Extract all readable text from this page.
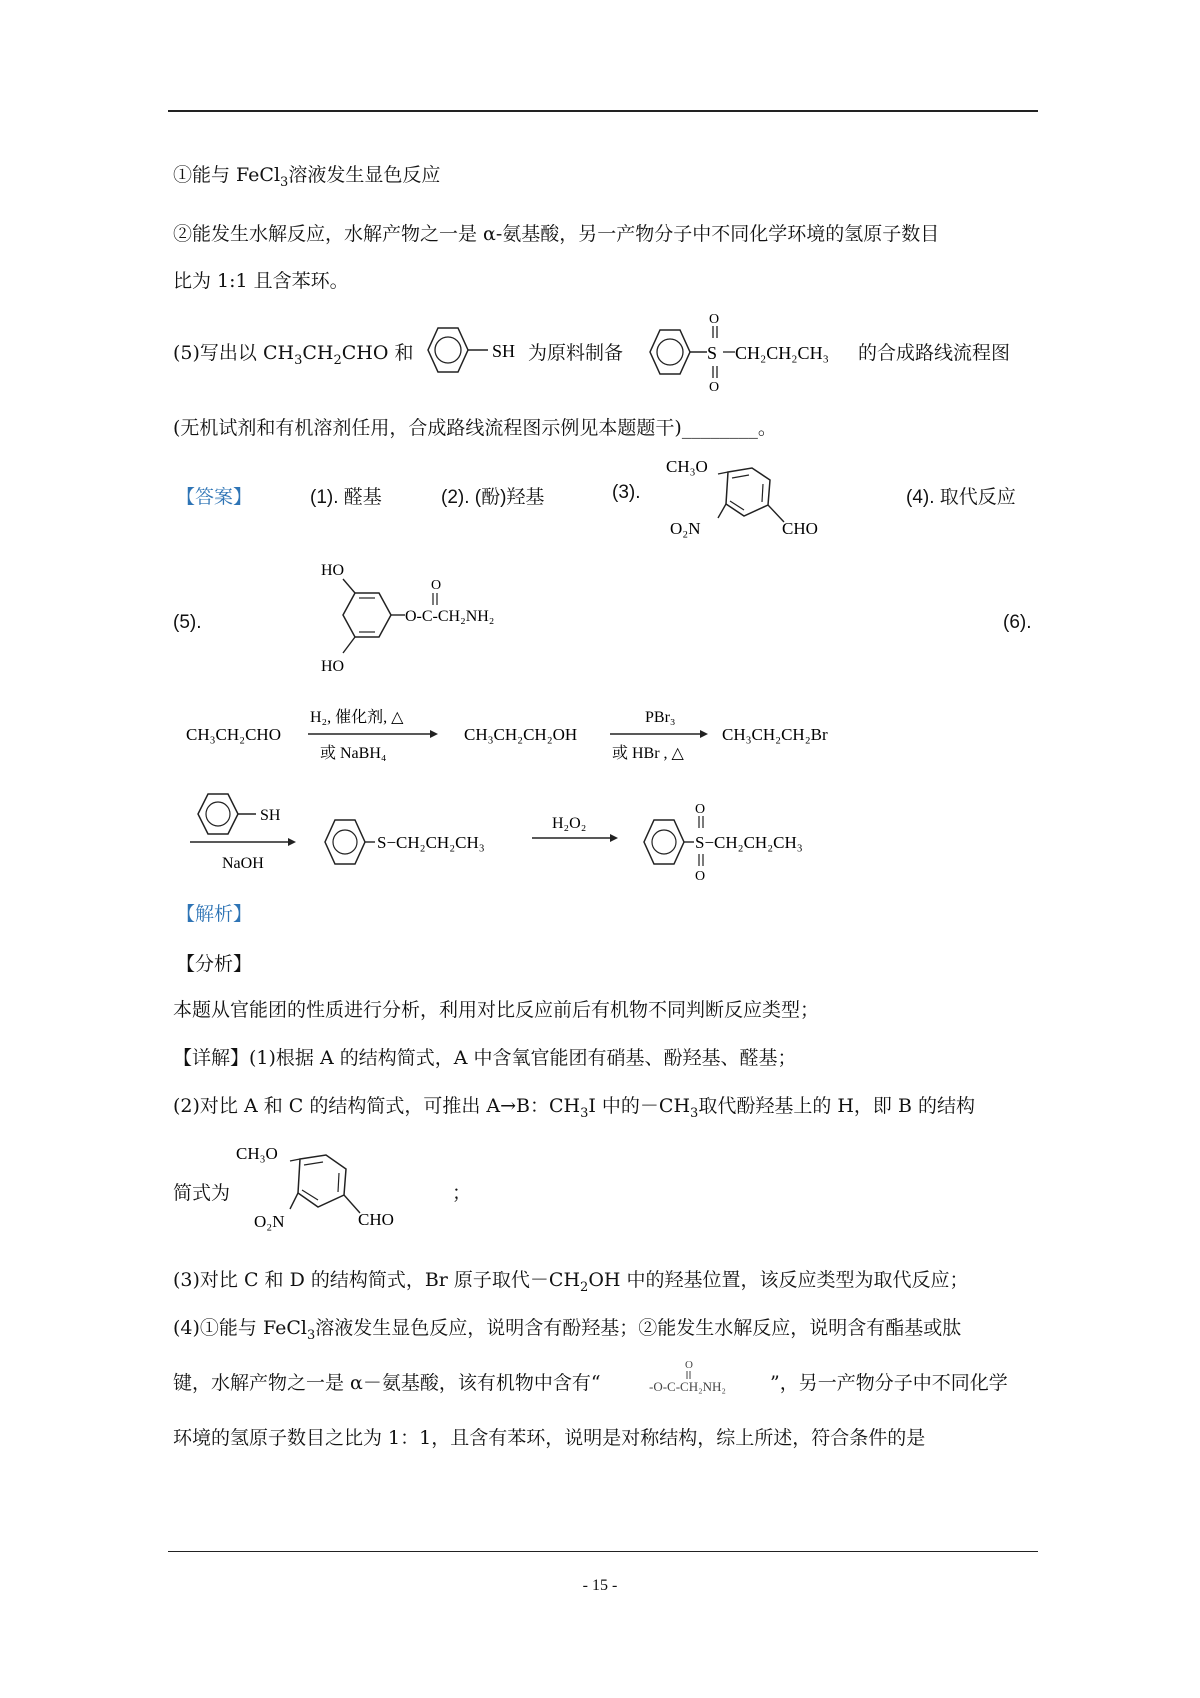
①能与 FeCl$_3$溶液发生显色反应
②能发生水解反应，水解产物之一是 α-氨基酸，另一产物分子中不同化学环境的氢原子数目
比为 1:1 且含苯环。
(5)写出以 $CH_3CH_2CHO$ 和	SH 为原料制备	S
O
O
CH₂CH₂CH₃ 的合成路线流程图
(无机试剂和有机溶剂任用，合成路线流程图示例见本题题干)________。
【答案】	(1). 醛基	(2). (酚)羟基	(3).
CH₃O
O₂N	CHO
(4). 取代反应
(5).
HO
HO
O-C-CH₂NH₂
O
(6).
CH₃CH₂CHO
H₂, 催化剂, △
或 NaBH₄
CH₃CH₂CH₂OH
PBr₃
或 HBr , △
CH₃CH₂CH₂Br
SH
NaOH
S−CH₂CH₂CH₃
H₂O₂
S−CH₂CH₂CH₃
O
O
【解析】
【分析】
本题从官能团的性质进行分析，利用对比反应前后有机物不同判断反应类型；
【详解】(1)根据 A 的结构简式，A 中含氧官能团有硝基、酚羟基、醛基；
(2)对比 A 和 C 的结构简式，可推出 A→B：$CH_3I$ 中的$-CH_3$取代酚羟基上的 H，即 B 的结构
简式为
CH₃O
O₂N	CHO
；
(3)对比 C 和 D 的结构简式，Br 原子取代$-CH_2OH$ 中的羟基位置，该反应类型为取代反应；
(4)①能与 FeCl$_3$溶液发生显色反应，说明含有酚羟基；②能发生水解反应，说明含有酯基或肽
键，水解产物之一是 α－氨基酸，该有机物中含有“	-O-C-CH₂NH₂
O
”，另一产物分子中不同化学
环境的氢原子数目之比为 1：1，且含有苯环，说明是对称结构，综上所述，符合条件的是
- 15 -
